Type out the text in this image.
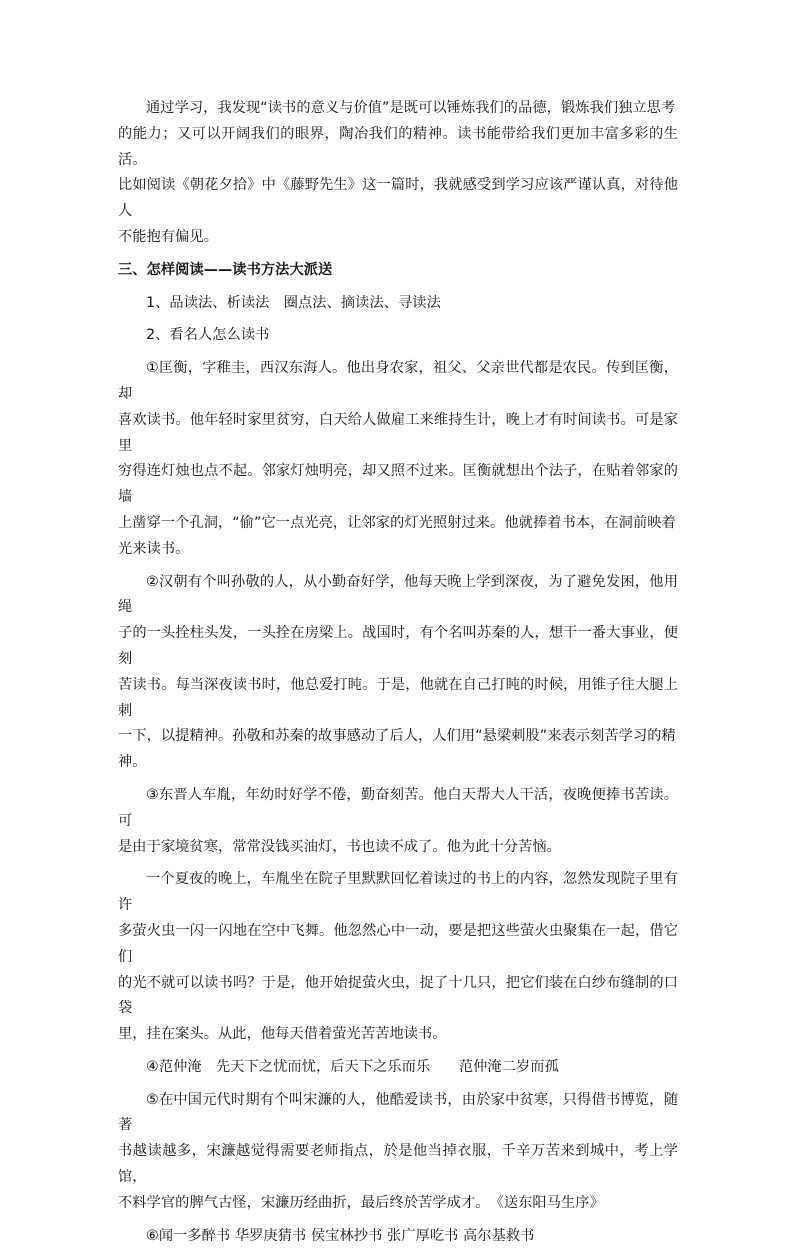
通过学习，我发现“读书的意义与价值”是既可以锤炼我们的品德，锻炼我们独立思考
的能力；又可以开阔我们的眼界，陶冶我们的精神。读书能带给我们更加丰富多彩的生活。
比如阅读《朝花夕拾》中《藤野先生》这一篇时，我就感受到学习应该严谨认真，对待他人
不能抱有偏见。

三、怎样阅读——读书方法大派送

1、品读法、析读法　圈点法、摘读法、寻读法

2、看名人怎么读书

①匡衡，字稚圭，西汉东海人。他出身农家，祖父、父亲世代都是农民。传到匡衡，却
喜欢读书。他年轻时家里贫穷，白天给人做雇工来维持生计，晚上才有时间读书。可是家里
穷得连灯烛也点不起。邻家灯烛明亮，却又照不过来。匡衡就想出个法子，在贴着邻家的墙
上凿穿一个孔洞，“偷”它一点光亮，让邻家的灯光照射过来。他就捧着书本，在洞前映着
光来读书。

②汉朝有个叫孙敬的人，从小勤奋好学，他每天晚上学到深夜，为了避免发困，他用绳
子的一头拴柱头发，一头拴在房梁上。战国时，有个名叫苏秦的人，想干一番大事业，便刻
苦读书。每当深夜读书时，他总爱打盹。于是，他就在自己打盹的时候，用锥子往大腿上刺
一下，以提精神。孙敬和苏秦的故事感动了后人，人们用“悬梁刺股”来表示刻苦学习的精
神。

③东晋人车胤，年幼时好学不倦，勤奋刻苦。他白天帮大人干活，夜晚便捧书苦读。可
是由于家境贫寒，常常没钱买油灯，书也读不成了。他为此十分苦恼。

一个夏夜的晚上，车胤坐在院子里默默回忆着读过的书上的内容，忽然发现院子里有许
多萤火虫一闪一闪地在空中飞舞。他忽然心中一动，要是把这些萤火虫聚集在一起，借它们
的光不就可以读书吗？于是，他开始捉萤火虫，捉了十几只，把它们装在白纱布缝制的口袋
里，挂在案头。从此，他每天借着萤光苦苦地读书。

④范仲淹　先天下之忧而忧，后天下之乐而乐　　范仲淹二岁而孤

⑤在中国元代时期有个叫宋濂的人，他酷爱读书，由於家中贫寒，只得借书博览，随著
书越读越多，宋濂越觉得需要老师指点，於是他当掉衣服，千辛万苦来到城中，考上学馆，
不料学官的脾气古怪，宋濂历经曲折，最后终於苦学成才。　《送东阳马生序》

⑥闻一多醉书 华罗庚猜书 侯宝林抄书 张广厚吃书 高尔基救书
